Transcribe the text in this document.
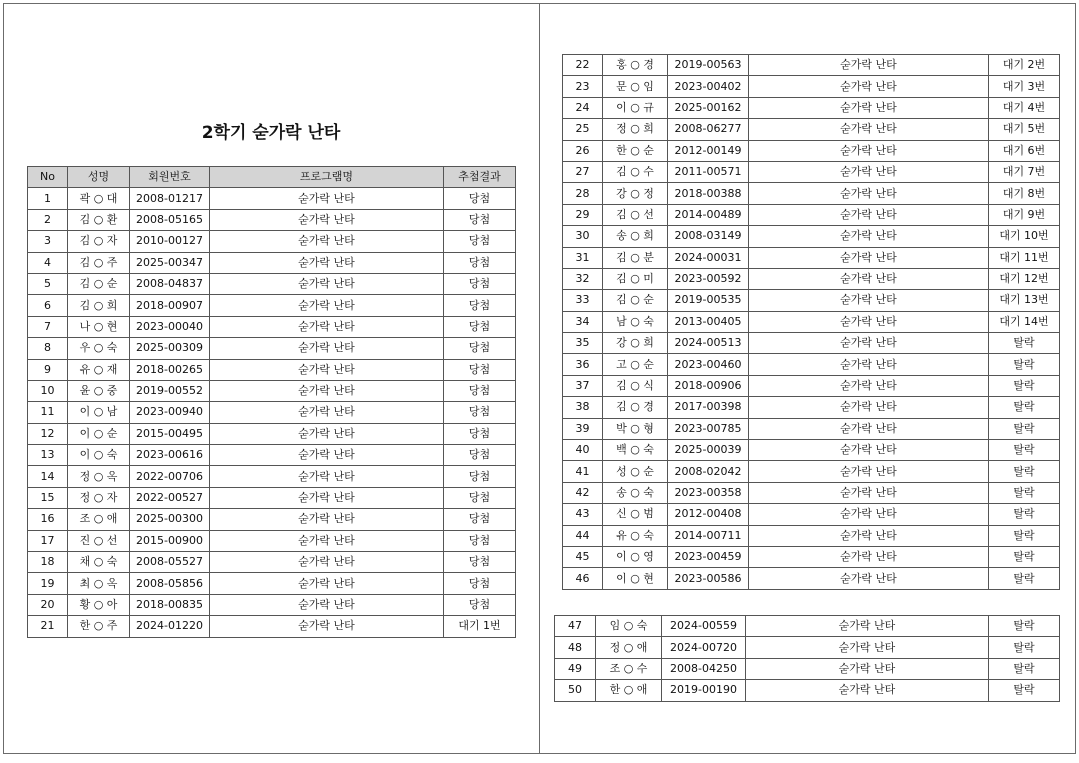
2학기 숟가락 난타
No	성명	회원번호	프로그램명	추첨결과
1	곽 ○ 대	2008-01217	숟가락 난타	당첨
2	김 ○ 환	2008-05165	숟가락 난타	당첨
3	김 ○ 자	2010-00127	숟가락 난타	당첨
4	김 ○ 주	2025-00347	숟가락 난타	당첨
5	김 ○ 순	2008-04837	숟가락 난타	당첨
6	김 ○ 희	2018-00907	숟가락 난타	당첨
7	나 ○ 현	2023-00040	숟가락 난타	당첨
8	우 ○ 숙	2025-00309	숟가락 난타	당첨
9	유 ○ 재	2018-00265	숟가락 난타	당첨
10	윤 ○ 중	2019-00552	숟가락 난타	당첨
11	이 ○ 남	2023-00940	숟가락 난타	당첨
12	이 ○ 순	2015-00495	숟가락 난타	당첨
13	이 ○ 숙	2023-00616	숟가락 난타	당첨
14	정 ○ 옥	2022-00706	숟가락 난타	당첨
15	정 ○ 자	2022-00527	숟가락 난타	당첨
16	조 ○ 애	2025-00300	숟가락 난타	당첨
17	진 ○ 선	2015-00900	숟가락 난타	당첨
18	채 ○ 숙	2008-05527	숟가락 난타	당첨
19	최 ○ 옥	2008-05856	숟가락 난타	당첨
20	황 ○ 아	2018-00835	숟가락 난타	당첨
21	한 ○ 주	2024-01220	숟가락 난타	대기 1번
22	홍 ○ 경	2019-00563	숟가락 난타	대기 2번
23	문 ○ 임	2023-00402	숟가락 난타	대기 3번
24	이 ○ 규	2025-00162	숟가락 난타	대기 4번
25	정 ○ 희	2008-06277	숟가락 난타	대기 5번
26	한 ○ 순	2012-00149	숟가락 난타	대기 6번
27	김 ○ 수	2011-00571	숟가락 난타	대기 7번
28	강 ○ 정	2018-00388	숟가락 난타	대기 8번
29	김 ○ 선	2014-00489	숟가락 난타	대기 9번
30	송 ○ 희	2008-03149	숟가락 난타	대기 10번
31	김 ○ 분	2024-00031	숟가락 난타	대기 11번
32	김 ○ 미	2023-00592	숟가락 난타	대기 12번
33	김 ○ 순	2019-00535	숟가락 난타	대기 13번
34	남 ○ 숙	2013-00405	숟가락 난타	대기 14번
35	강 ○ 희	2024-00513	숟가락 난타	탈락
36	고 ○ 순	2023-00460	숟가락 난타	탈락
37	김 ○ 식	2018-00906	숟가락 난타	탈락
38	김 ○ 경	2017-00398	숟가락 난타	탈락
39	박 ○ 형	2023-00785	숟가락 난타	탈락
40	백 ○ 숙	2025-00039	숟가락 난타	탈락
41	성 ○ 순	2008-02042	숟가락 난타	탈락
42	송 ○ 숙	2023-00358	숟가락 난타	탈락
43	신 ○ 범	2012-00408	숟가락 난타	탈락
44	유 ○ 숙	2014-00711	숟가락 난타	탈락
45	이 ○ 영	2023-00459	숟가락 난타	탈락
46	이 ○ 현	2023-00586	숟가락 난타	탈락
47	임 ○ 숙	2024-00559	숟가락 난타	탈락
48	정 ○ 애	2024-00720	숟가락 난타	탈락
49	조 ○ 수	2008-04250	숟가락 난타	탈락
50	한 ○ 애	2019-00190	숟가락 난타	탈락
